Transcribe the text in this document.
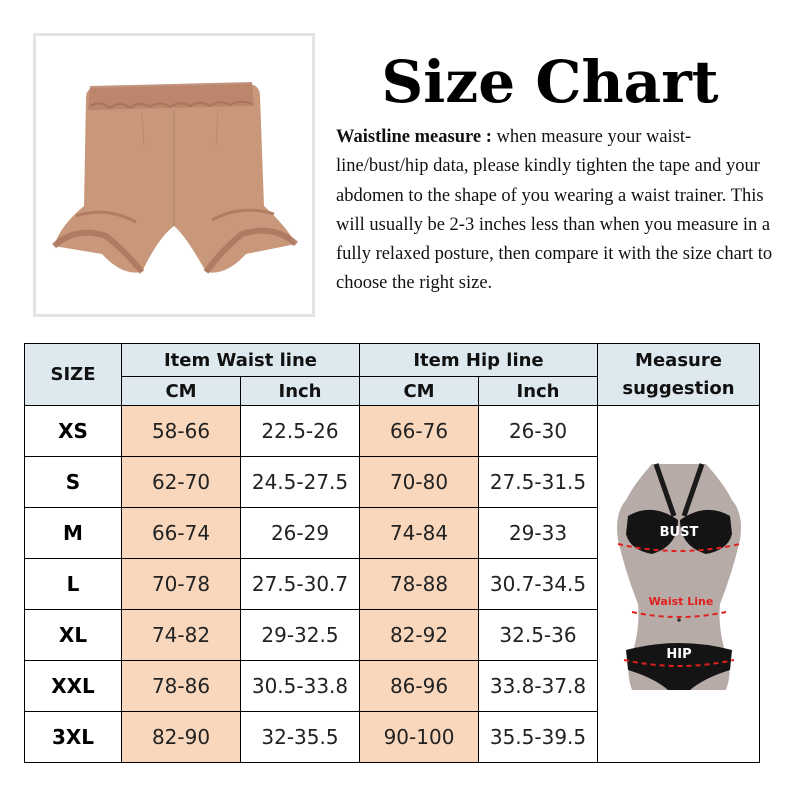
Size Chart
Waistline measure : when measure your waist-line/bust/hip data, please kindly tighten the tape and your abdomen to the shape of you wearing a waist trainer. This will usually be 2-3 inches less than when you measure in a fully relaxed posture, then compare it with the size chart to choose the right size.
SIZE	Item Waist line		Item Hip line		Measure suggestion
	CM	Inch	CM	Inch	
XS	58-66	22.5-26	66-76	26-30	BUST
Waist Line
HIP

S	62-70	24.5-27.5	70-80	27.5-31.5	
M	66-74	26-29	74-84	29-33	
L	70-78	27.5-30.7	78-88	30.7-34.5	
XL	74-82	29-32.5	82-92	32.5-36	
XXL	78-86	30.5-33.8	86-96	33.8-37.8	
3XL	82-90	32-35.5	90-100	35.5-39.5	
